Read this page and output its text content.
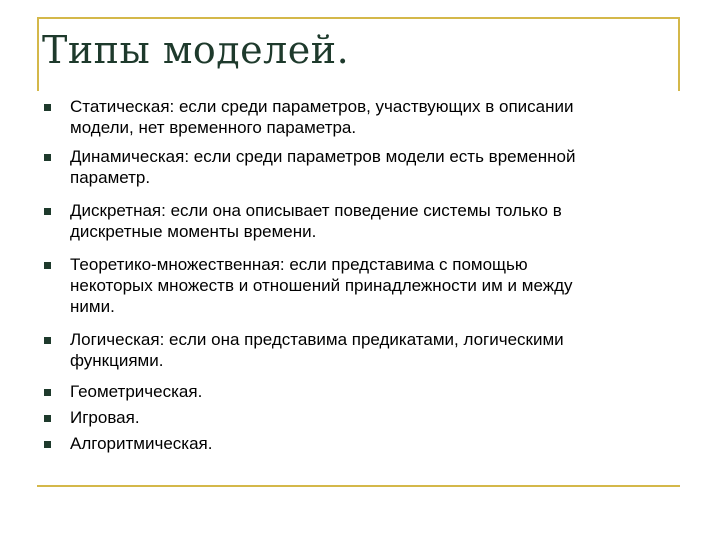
Типы моделей.
Статическая: если среди параметров, участвующих в описании
модели, нет временного параметра.
Динамическая: если среди параметров модели есть временной
параметр.
Дискретная: если она описывает поведение системы только в
дискретные моменты времени.
Теоретико-множественная: если представима с помощью
некоторых множеств и отношений принадлежности им и между
ними.
Логическая: если она представима предикатами, логическими
функциями.
Геометрическая.
Игровая.
Алгоритмическая.
